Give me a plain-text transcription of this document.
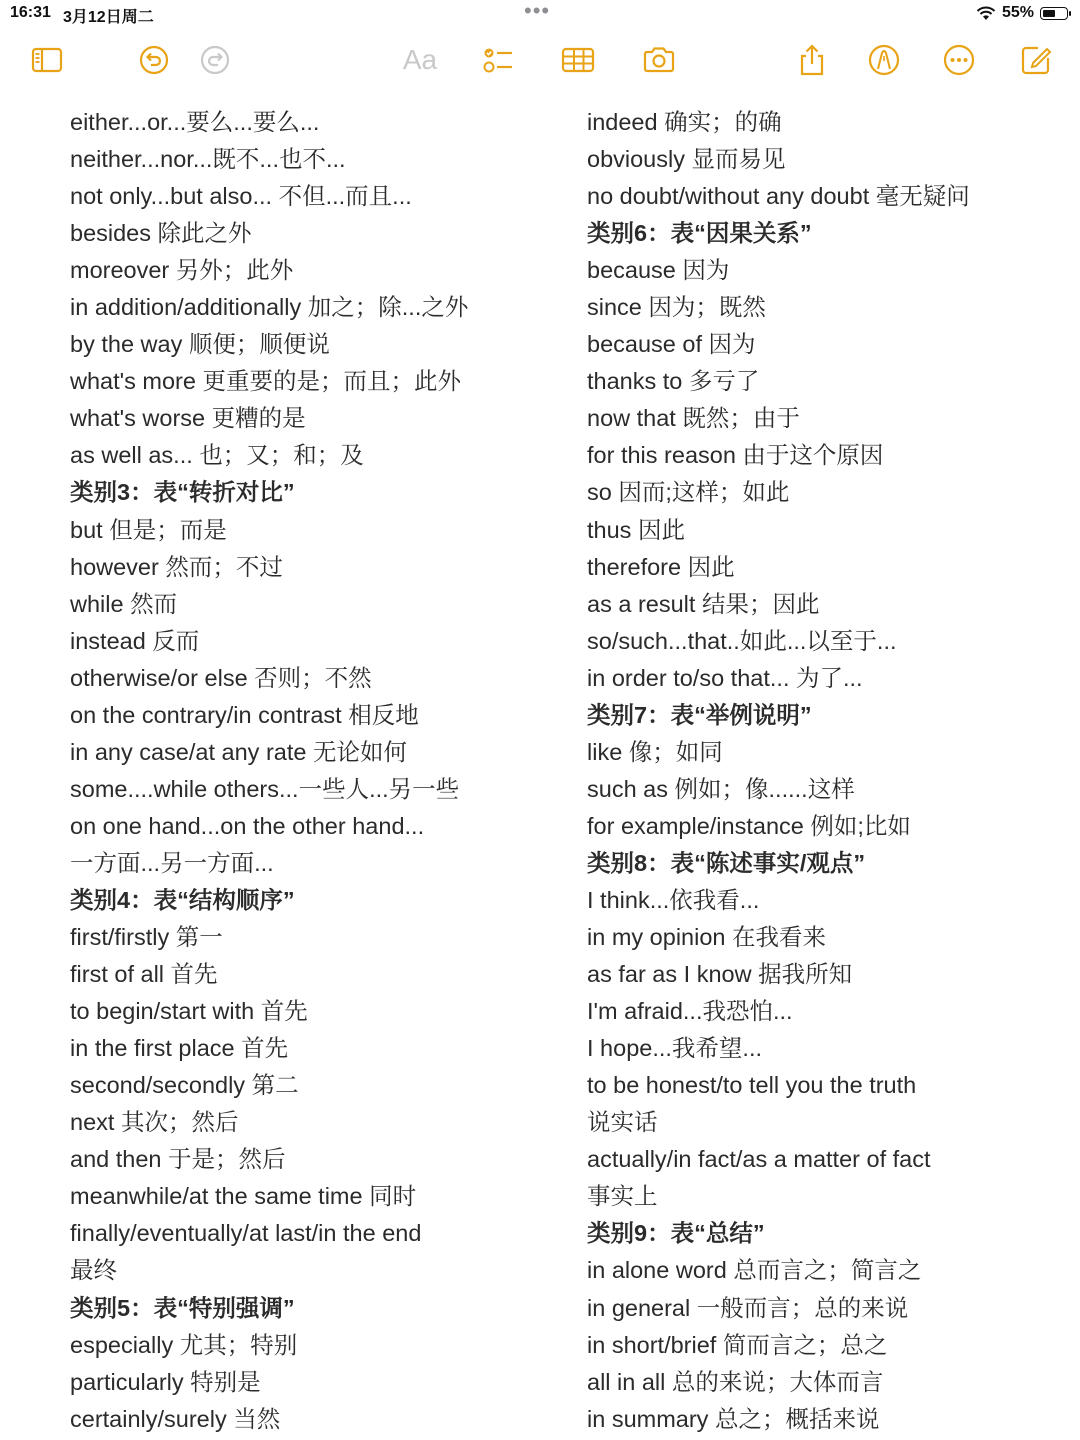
16:31 3月12日周二	•••	55%
Aa
either...or...要么...要么...
neither...nor...既不...也不...
not only...but also... 不但...而且...
besides 除此之外
moreover 另外；此外
in addition/additionally 加之；除...之外
by the way 顺便；顺便说
what's more 更重要的是；而且；此外
what's worse 更糟的是
as well as... 也；又；和；及
类别3：表“转折对比”
but 但是；而是
however 然而；不过
while 然而
instead 反而
otherwise/or else 否则；不然
on the contrary/in contrast 相反地
in any case/at any rate 无论如何
some....while others...一些人...另一些
on one hand...on the other hand...
一方面...另一方面...
类别4：表“结构顺序”
first/firstly 第一
first of all 首先
to begin/start with 首先
in the first place 首先
second/secondly 第二
next 其次；然后
and then 于是；然后
meanwhile/at the same time 同时
finally/eventually/at last/in the end
最终
类别5：表“特别强调”
especially 尤其；特别
particularly 特别是
certainly/surely 当然
indeed 确实；的确
obviously 显而易见
no doubt/without any doubt 毫无疑问
类别6：表“因果关系”
because 因为
since 因为；既然
because of 因为
thanks to 多亏了
now that 既然；由于
for this reason 由于这个原因
so 因而;这样；如此
thus 因此
therefore 因此
as a result 结果；因此
so/such...that..如此...以至于...
in order to/so that... 为了...
类别7：表“举例说明”
like 像；如同
such as 例如；像......这样
for example/instance 例如;比如
类别8：表“陈述事实/观点”
I think...依我看...
in my opinion 在我看来
as far as I know 据我所知
I'm afraid...我恐怕...
I hope...我希望...
to be honest/to tell you the truth
说实话
actually/in fact/as a matter of fact
事实上
类别9：表“总结”
in alone word 总而言之；简言之
in general 一般而言；总的来说
in short/brief 简而言之；总之
all in all 总的来说；大体而言
in summary 总之；概括来说
